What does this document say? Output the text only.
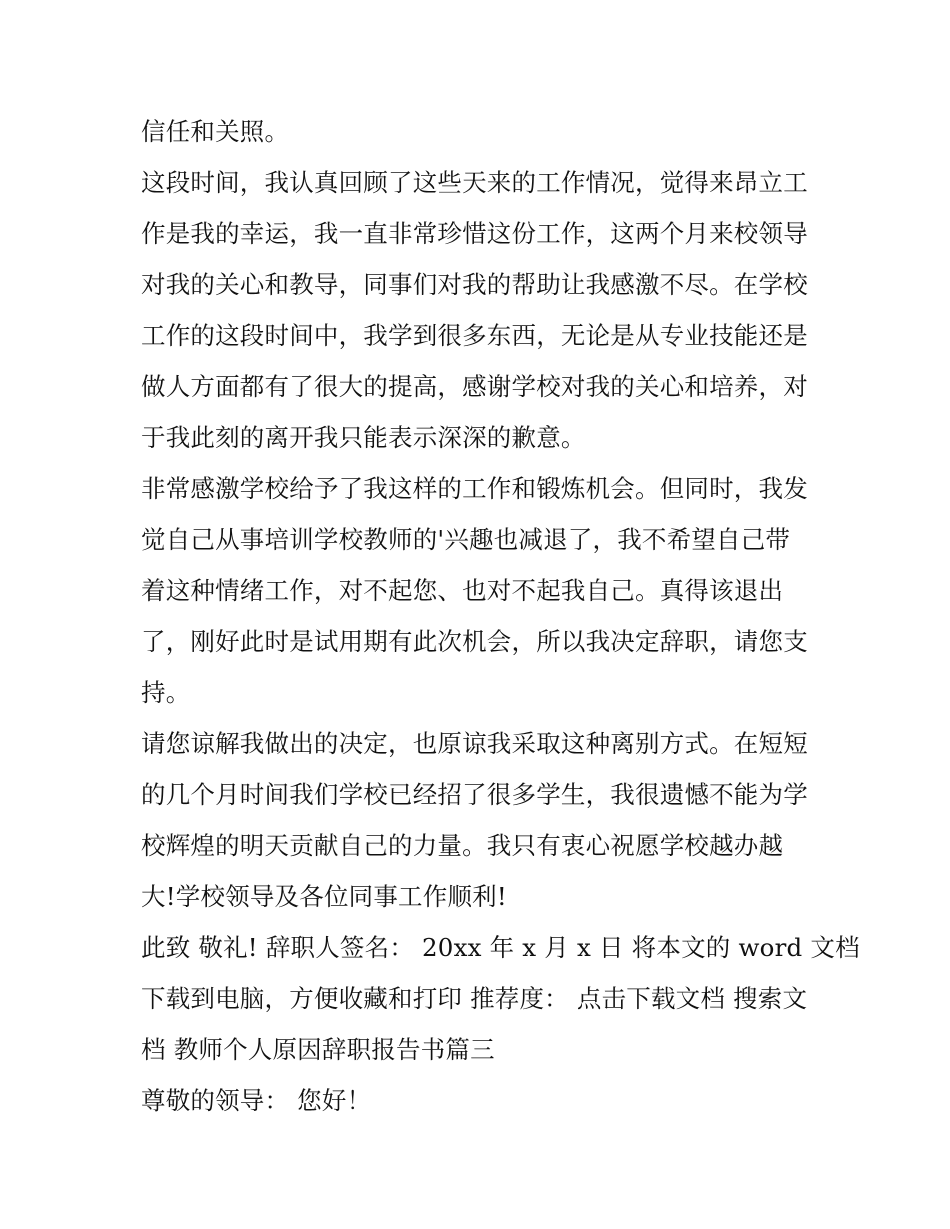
信任和关照。
这段时间，我认真回顾了这些天来的工作情况，觉得来昂立工
作是我的幸运，我一直非常珍惜这份工作，这两个月来校领导
对我的关心和教导，同事们对我的帮助让我感激不尽。在学校
工作的这段时间中，我学到很多东西，无论是从专业技能还是
做人方面都有了很大的提高，感谢学校对我的关心和培养，对
于我此刻的离开我只能表示深深的歉意。
非常感激学校给予了我这样的工作和锻炼机会。但同时，我发
觉自己从事培训学校教师的'兴趣也减退了，我不希望自己带
着这种情绪工作，对不起您、也对不起我自己。真得该退出
了，刚好此时是试用期有此次机会，所以我决定辞职，请您支
持。
请您谅解我做出的决定，也原谅我采取这种离别方式。在短短
的几个月时间我们学校已经招了很多学生，我很遗憾不能为学
校辉煌的明天贡献自己的力量。我只有衷心祝愿学校越办越
大!学校领导及各位同事工作顺利!
此致 敬礼! 辞职人签名： 20xx 年 x 月 x 日 将本文的 word 文档
下载到电脑，方便收藏和打印 推荐度： 点击下载文档 搜索文
档 教师个人原因辞职报告书篇三
尊敬的领导： 您好！
